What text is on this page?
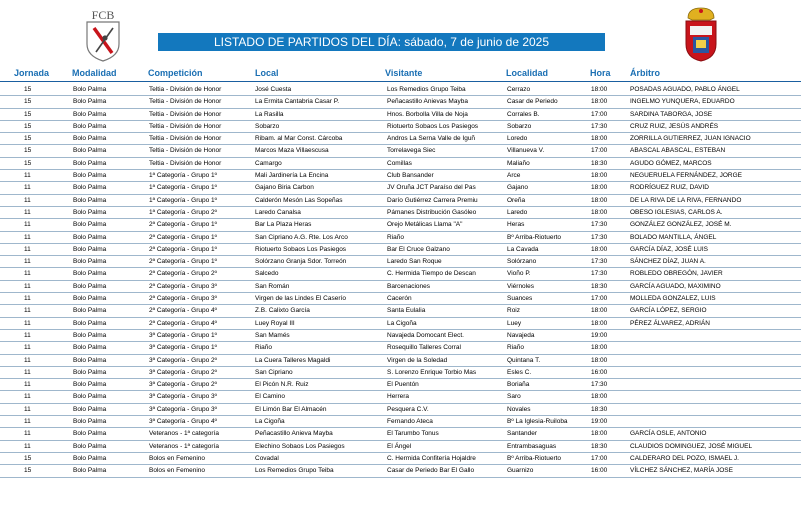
FCB
LISTADO DE PARTIDOS DEL DÍA: sábado, 7 de junio de 2025
Jornada	Modalidad	Competición	Local	Visitante	Localidad	Hora Árbitro
15	Bolo Palma	Teltia - División de Honor	José Cuesta	Los Remedios Grupo Teiba	Cerrazo	18:00	POSADAS AGUADO, PABLO ÁNGEL
15	Bolo Palma	Teltia - División de Honor	La Ermita Cantabria Casar P.	Peñacastillo Anievas Mayba	Casar de Periedo	18:00	INGELMO YUNQUERA, EDUARDO
15	Bolo Palma	Teltia - División de Honor	La Rasilla	Hnos. Borbolla Villa de Noja	Corrales B.	17:00	SARDINA TABORGA, JOSE
15	Bolo Palma	Teltia - División de Honor	Sobarzo	Riotuerto Sobaos Los Pasiegos	Sobarzo	17:30	CRUZ RUIZ, JESÚS ANDRÉS
15	Bolo Palma	Teltia - División de Honor	Ribam. al Mar Const. Cárcoba	Andros La Serna Valle de Iguñ	Loredo	18:00	ZORRILLA GUTIERREZ, JUAN IGNACIO
15	Bolo Palma	Teltia - División de Honor	Marcos Maza Villaescusa	Torrelavega Siec	Villanueva V.	17:00	ABASCAL ABASCAL, ESTEBAN
15	Bolo Palma	Teltia - División de Honor	Camargo	Comillas	Maliaño	18:30	AGUDO GÓMEZ, MARCOS
11	Bolo Palma	1ª Categoría - Grupo 1º	Mali Jardinería La Encina	Club Bansander	Arce	18:00	NEGUERUELA FERNÁNDEZ, JORGE
11	Bolo Palma	1ª Categoría - Grupo 1º	Gajano Biria Carbon	JV Oruña JCT Paraíso del Pas	Gajano	18:00	RODRÍGUEZ RUIZ, DAVID
11	Bolo Palma	1ª Categoría - Grupo 1º	Calderón Mesón Las Sopeñas	Darío Gutiérrez Carrera Premiu	Oreña	18:00	DE LA RIVA DE LA RIVA, FERNANDO
11	Bolo Palma	1ª Categoría - Grupo 2º	Laredo Canalsa	Pámanes Distribución Gasóleo	Laredo	18:00	OBESO IGLESIAS, CARLOS A.
11	Bolo Palma	2ª Categoría - Grupo 1º	Bar La Plaza Heras	Orejo Metálicas Llama "A"	Heras	17:30	GONZÁLEZ GONZÁLEZ, JOSÉ M.
11	Bolo Palma	2ª Categoría - Grupo 1º	San Cipriano A.G. Rte. Los Arco	Riaño	Bº Arriba-Riotuerto	17:30	BOLADO MANTILLA, ÁNGEL
11	Bolo Palma	2ª Categoría - Grupo 1º	Riotuerto Sobaos Los Pasiegos	Bar El Cruce Galzano	La Cavada	18:00	GARCÍA DÍAZ, JOSÉ LUIS
11	Bolo Palma	2ª Categoría - Grupo 1º	Solórzano Granja Sdor. Torreón	Laredo San Roque	Solórzano	17:30	SÁNCHEZ DÍAZ, JUAN A.
11	Bolo Palma	2ª Categoría - Grupo 2º	Salcedo	C. Hermida Tiempo de Descan	Vioño P.	17:30	ROBLEDO OBREGÓN, JAVIER
11	Bolo Palma	2ª Categoría - Grupo 3º	San Román	Barcenaciones	Viérnoles	18:30	GARCÍA AGUADO, MAXIMINO
11	Bolo Palma	2ª Categoría - Grupo 3º	Virgen de las Lindes El Caserío	Cacerón	Suances	17:00	MOLLEDA GONZALEZ, LUIS
11	Bolo Palma	2ª Categoría - Grupo 4º	Z.B. Calixto García	Santa Eulalia	Roiz	18:00	GARCÍA LÓPEZ, SERGIO
11	Bolo Palma	2ª Categoría - Grupo 4º	Luey Royal III	La Cigoña	Luey	18:00	PÉREZ ÁLVAREZ, ADRIÁN
11	Bolo Palma	3ª Categoría - Grupo 1º	San Mamés	Navajeda Domocant Elect.	Navajeda	19:00
11	Bolo Palma	3ª Categoría - Grupo 1º	Riaño	Rosequillo Talleres Corral	Riaño	18:00
11	Bolo Palma	3ª Categoría - Grupo 2º	La Cuera Talleres Magaldi	Virgen de la Soledad	Quintana T.	18:00
11	Bolo Palma	3ª Categoría - Grupo 2º	San Cipriano	S. Lorenzo Enrique Torbio Mas	Esles C.	16:00
11	Bolo Palma	3ª Categoría - Grupo 2º	El Picón N.R. Ruiz	El Puentón	Boriaña	17:30
11	Bolo Palma	3ª Categoría - Grupo 3º	El Camino	Herrera	Saro	18:00
11	Bolo Palma	3ª Categoría - Grupo 3º	El Limón Bar El Almacén	Pesquera C.V.	Novales	18:30
11	Bolo Palma	3ª Categoría - Grupo 4º	La Cigoña	Fernando Ateca	Bº La Iglesia-Ruiloba	19:00
11	Bolo Palma	Veteranos - 1ª categoría	Peñacastillo Anieva Mayba	El Tarumbo Tonus	Santander	18:00	GARCÍA OSLE, ANTONIO
11	Bolo Palma	Veteranos - 1ª categoría	Elechino Sobaos Los Pasiegos	El Ángel	Entrambasaguas	18:30	CLAUDIOS DOMINGUEZ, JOSÉ MIGUEL
15	Bolo Palma	Bolos en Femenino	Covadal	C. Hermida Confitería Hojaldre	Bº Arriba-Riotuerto	17:00	CALDERARO DEL POZO, ISMAEL J.
15	Bolo Palma	Bolos en Femenino	Los Remedios Grupo Teiba	Casar de Periedo Bar El Gallo	Guarnizo	16:00	VÍLCHEZ SÁNCHEZ, MARÍA JOSE
